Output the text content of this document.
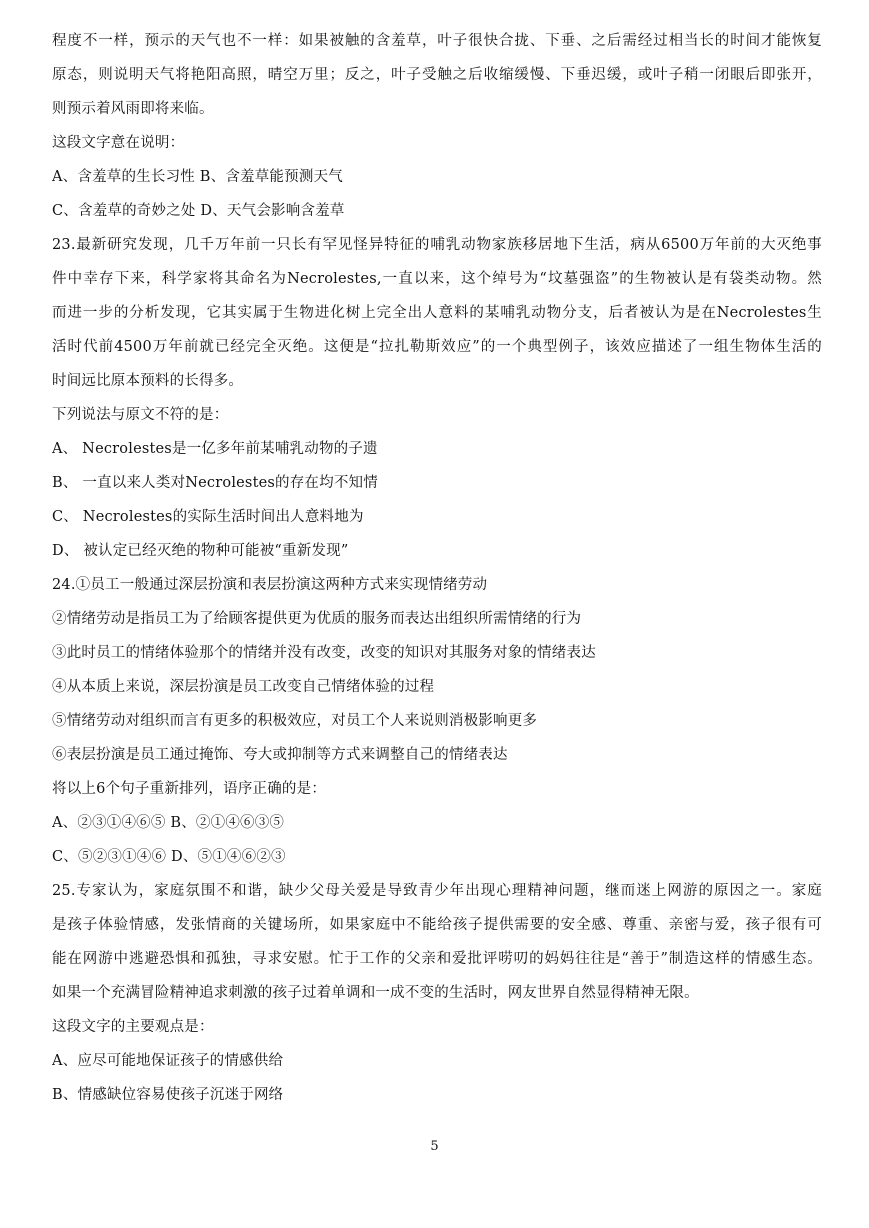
程度不一样，预示的天气也不一样：如果被触的含羞草，叶子很快合拢、下垂、之后需经过相当长的时间才能恢复
原态，则说明天气将艳阳高照，晴空万里；反之，叶子受触之后收缩缓慢、下垂迟缓，或叶子稍一闭眼后即张开，
则预示着风雨即将来临。
这段文字意在说明：
A、含羞草的生长习性 B、含羞草能预测天气
C、含羞草的奇妙之处 D、天气会影响含羞草
23.最新研究发现，几千万年前一只长有罕见怪异特征的哺乳动物家族移居地下生活，病从6500万年前的大灭绝事
件中幸存下来，科学家将其命名为Necrolestes,一直以来，这个绰号为“坟墓强盗”的生物被认是有袋类动物。然
而进一步的分析发现，它其实属于生物进化树上完全出人意料的某哺乳动物分支，后者被认为是在Necrolestes生
活时代前4500万年前就已经完全灭绝。这便是“拉扎勒斯效应”的一个典型例子，该效应描述了一组生物体生活的
时间远比原本预料的长得多。
下列说法与原文不符的是：
A、 Necrolestes是一亿多年前某哺乳动物的子遗
B、 一直以来人类对Necrolestes的存在均不知情
C、 Necrolestes的实际生活时间出人意料地为
D、 被认定已经灭绝的物种可能被“重新发现”
24.①员工一般通过深层扮演和表层扮演这两种方式来实现情绪劳动
②情绪劳动是指员工为了给顾客提供更为优质的服务而表达出组织所需情绪的行为
③此时员工的情绪体验那个的情绪并没有改变，改变的知识对其服务对象的情绪表达
④从本质上来说，深层扮演是员工改变自己情绪体验的过程
⑤情绪劳动对组织而言有更多的积极效应，对员工个人来说则消极影响更多
⑥表层扮演是员工通过掩饰、夸大或抑制等方式来调整自己的情绪表达
将以上6个句子重新排列，语序正确的是：
A、②③①④⑥⑤ B、②①④⑥③⑤
C、⑤②③①④⑥ D、⑤①④⑥②③
25.专家认为，家庭氛围不和谐，缺少父母关爱是导致青少年出现心理精神问题，继而迷上网游的原因之一。家庭
是孩子体验情感，发张情商的关键场所，如果家庭中不能给孩子提供需要的安全感、尊重、亲密与爱，孩子很有可
能在网游中逃避恐惧和孤独，寻求安慰。忙于工作的父亲和爱批评唠叨的妈妈往往是“善于”制造这样的情感生态。
如果一个充满冒险精神追求刺激的孩子过着单调和一成不变的生活时，网友世界自然显得精神无限。
这段文字的主要观点是：
A、应尽可能地保证孩子的情感供给
B、情感缺位容易使孩子沉迷于网络
5
